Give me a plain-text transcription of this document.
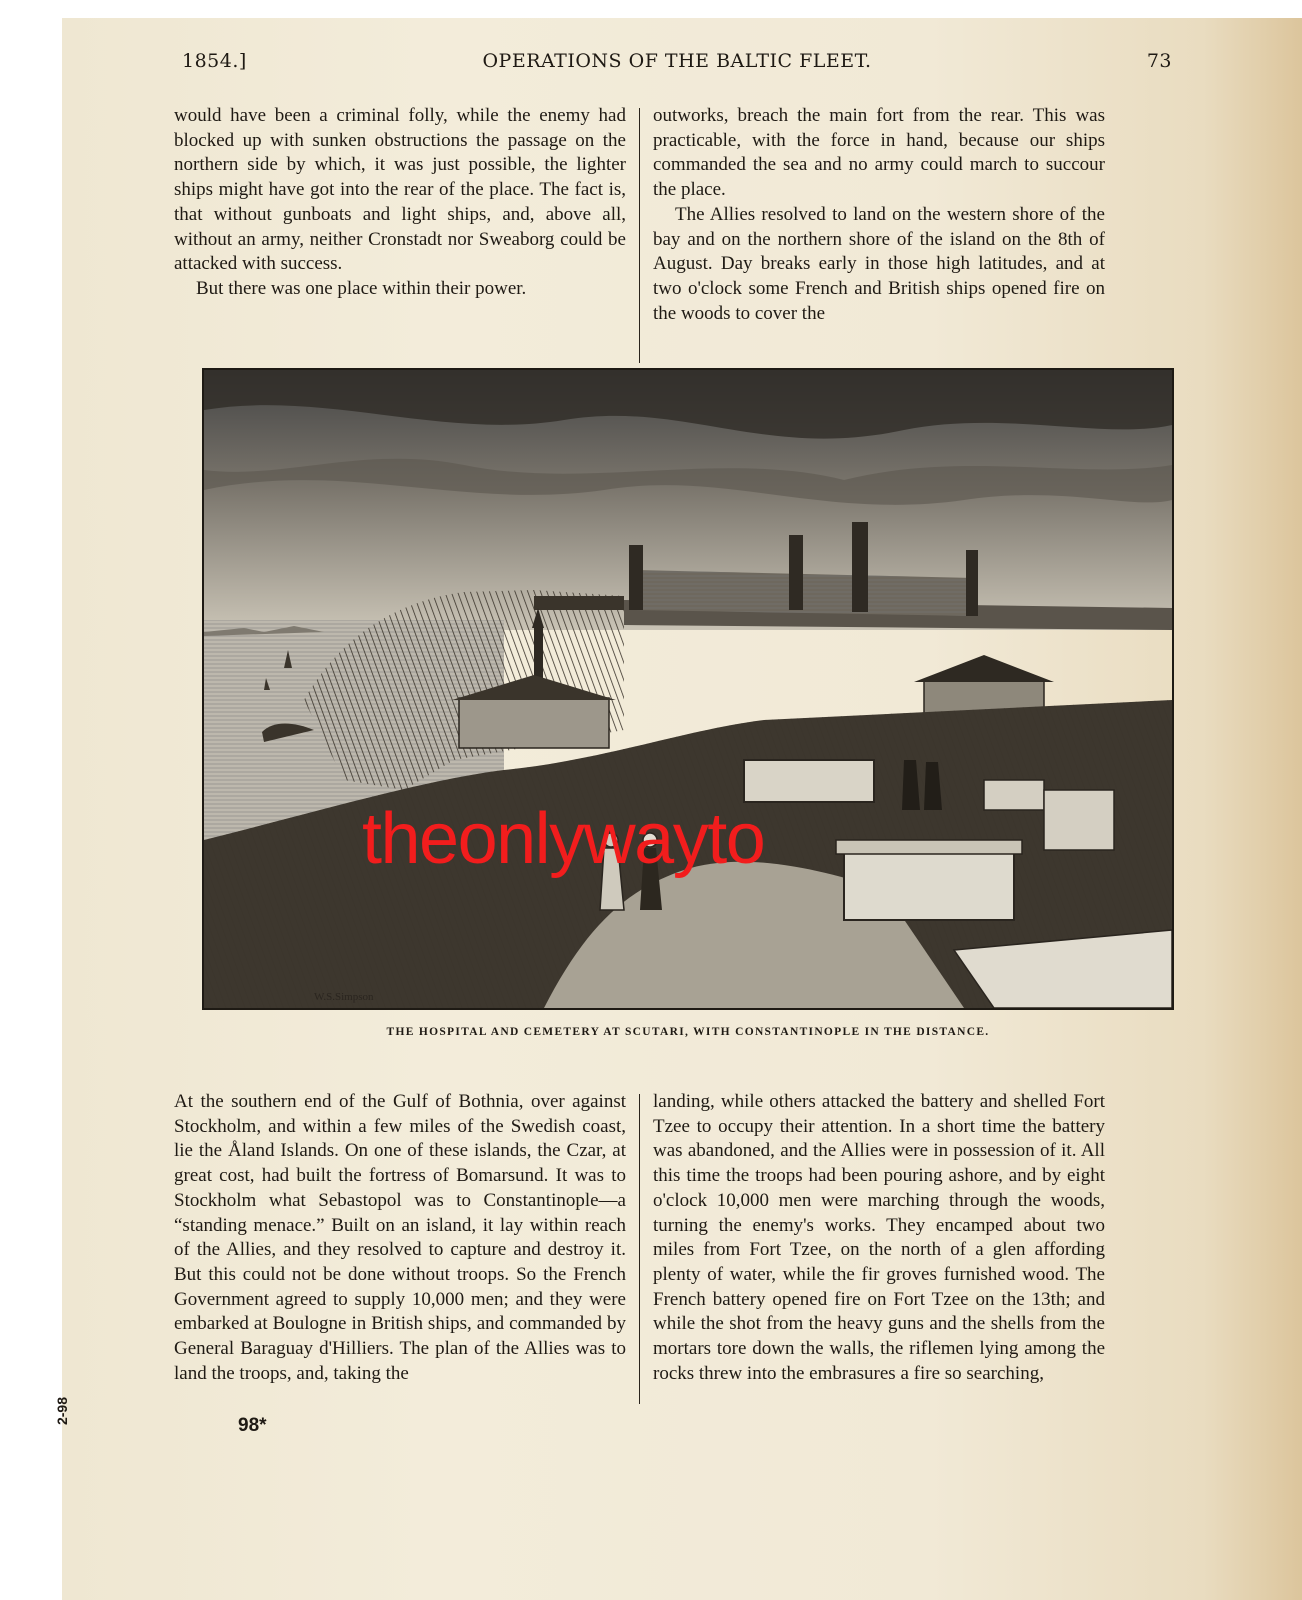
1854.]	OPERATIONS OF THE BALTIC FLEET.	73

would have been a criminal folly, while the enemy had blocked up with sunken obstructions the passage on the northern side by which, it was just possible, the lighter ships might have got into the rear of the place. The fact is, that without gunboats and light ships, and, above all, without an army, neither Cronstadt nor Sweaborg could be attacked with success.

But there was one place within their power.

outworks, breach the main fort from the rear. This was practicable, with the force in hand, because our ships commanded the sea and no army could march to succour the place.

The Allies resolved to land on the western shore of the bay and on the northern shore of the island on the 8th of August. Day breaks early in those high latitudes, and at two o'clock some French and British ships opened fire on the woods to cover the

W.S.Simpson
theonlywayto
THE HOSPITAL AND CEMETERY AT SCUTARI, WITH CONSTANTINOPLE IN THE DISTANCE.

At the southern end of the Gulf of Bothnia, over against Stockholm, and within a few miles of the Swedish coast, lie the Åland Islands. On one of these islands, the Czar, at great cost, had built the fortress of Bomarsund. It was to Stockholm what Sebastopol was to Constantinople—a “standing menace.” Built on an island, it lay within reach of the Allies, and they resolved to capture and destroy it. But this could not be done without troops. So the French Government agreed to supply 10,000 men; and they were embarked at Boulogne in British ships, and commanded by General Baraguay d'Hilliers. The plan of the Allies was to land the troops, and, taking the

landing, while others attacked the battery and shelled Fort Tzee to occupy their attention. In a short time the battery was abandoned, and the Allies were in possession of it. All this time the troops had been pouring ashore, and by eight o'clock 10,000 men were marching through the woods, turning the enemy's works. They encamped about two miles from Fort Tzee, on the north of a glen affording plenty of water, while the fir groves furnished wood. The French battery opened fire on Fort Tzee on the 13th; and while the shot from the heavy guns and the shells from the mortars tore down the walls, the riflemen lying among the rocks threw into the embrasures a fire so searching,

98*
2-98
